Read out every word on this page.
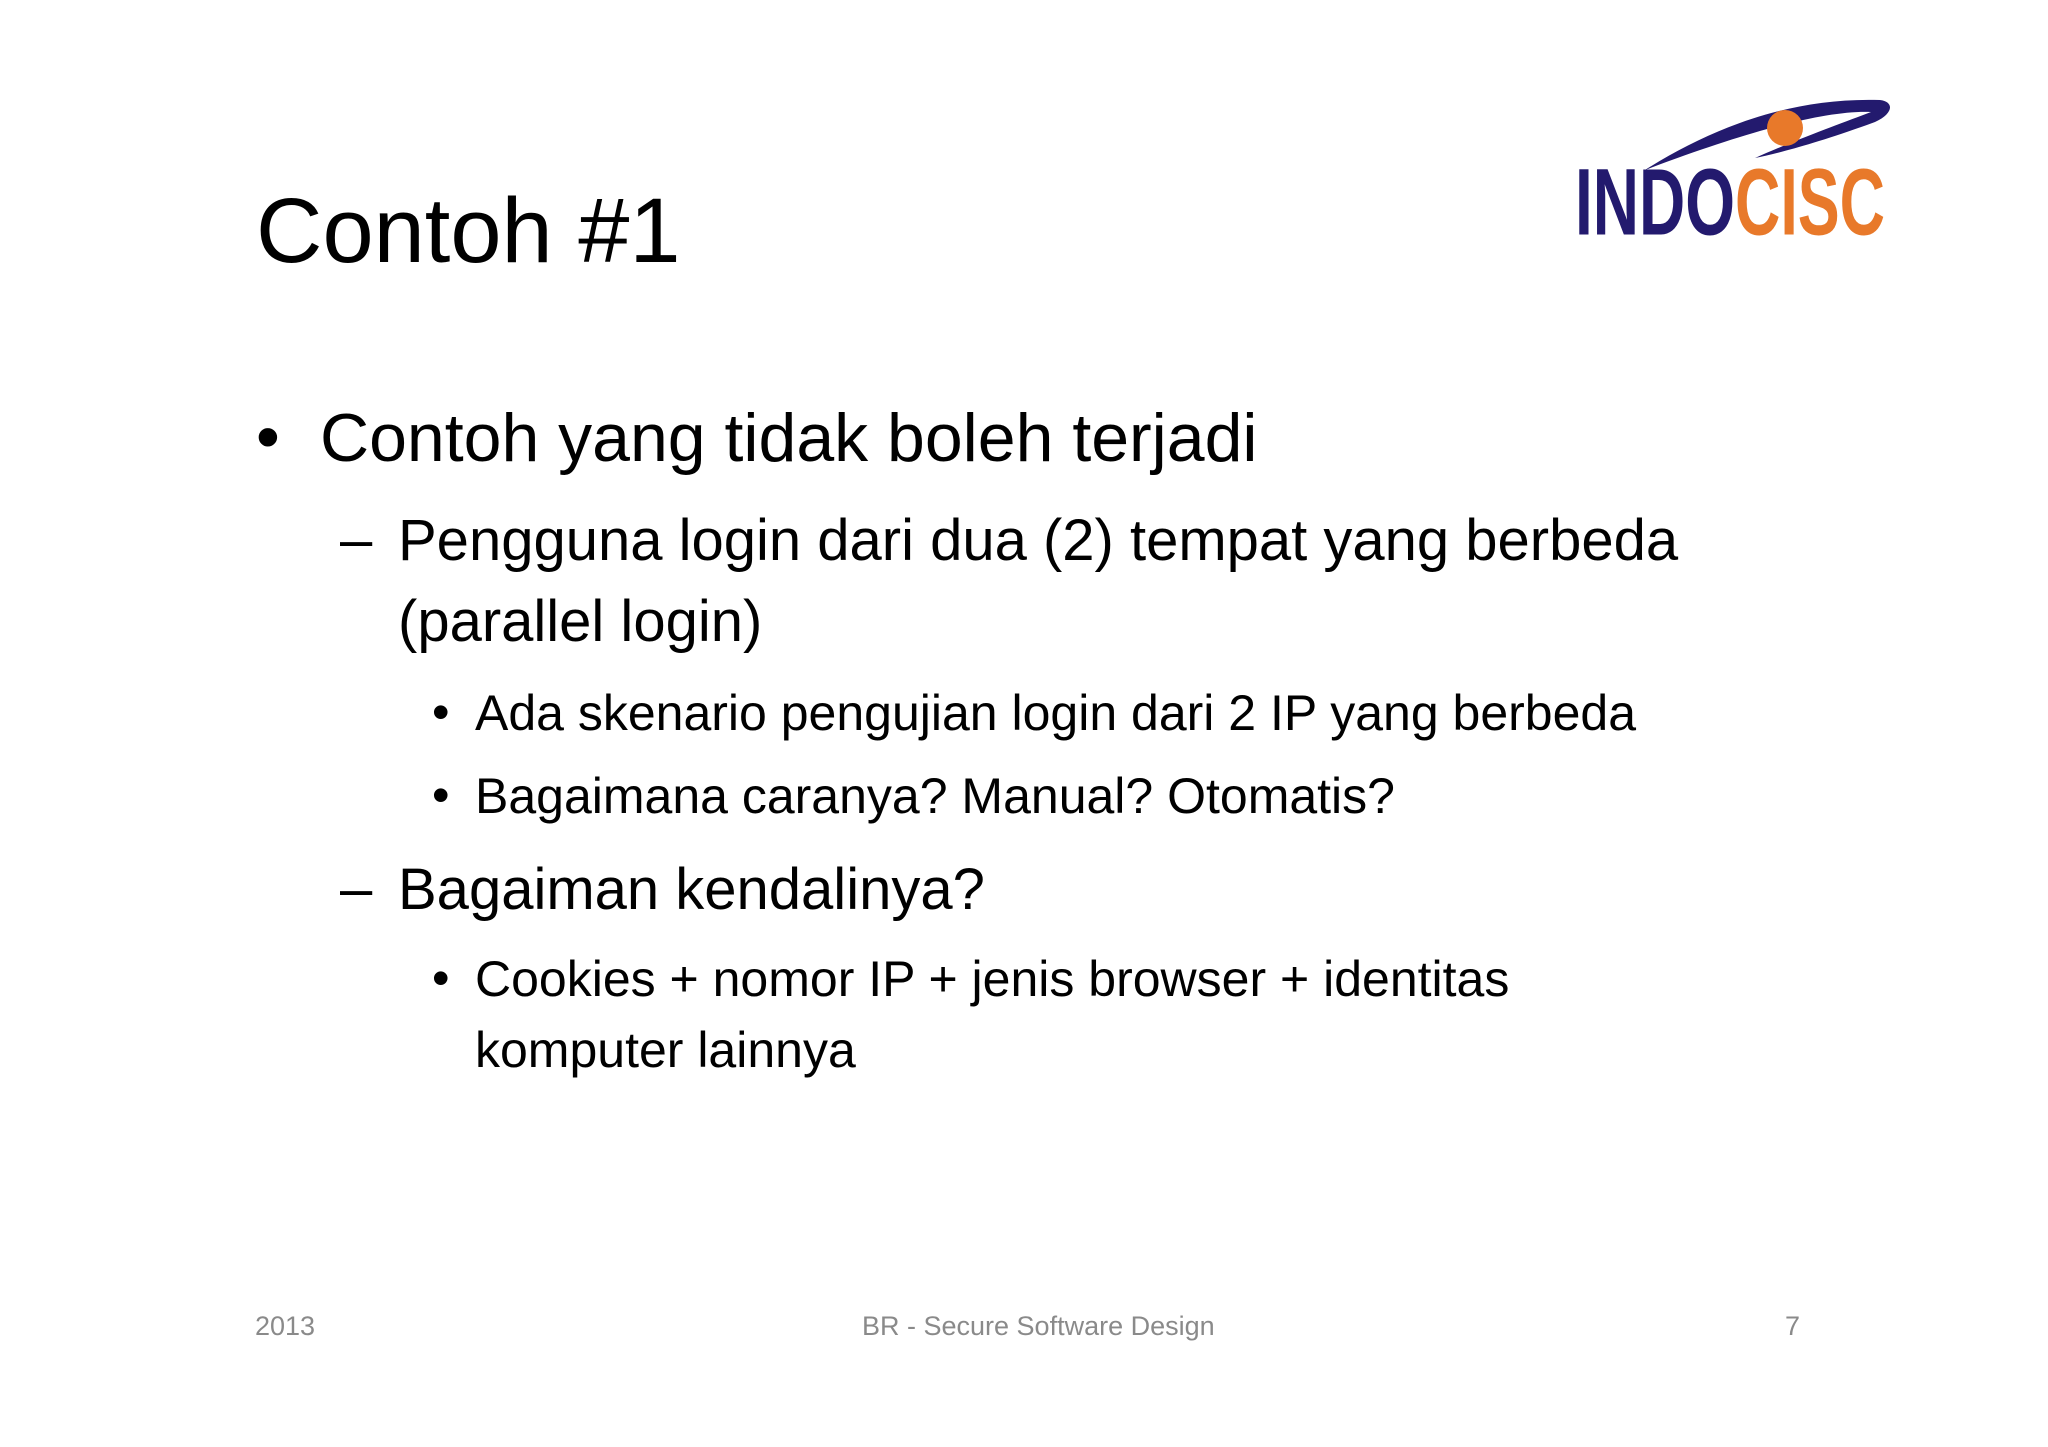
Contoh #1	INDO CISC
• Contoh yang tidak boleh terjadi
– Pengguna login dari dua (2) tempat yang berbeda
(parallel login)
• Ada skenario pengujian login dari 2 IP yang berbeda
• Bagaimana caranya? Manual? Otomatis?
– Bagaiman kendalinya?
• Cookies + nomor IP + jenis browser + identitas
komputer lainnya
2013	BR - Secure Software Design	7
